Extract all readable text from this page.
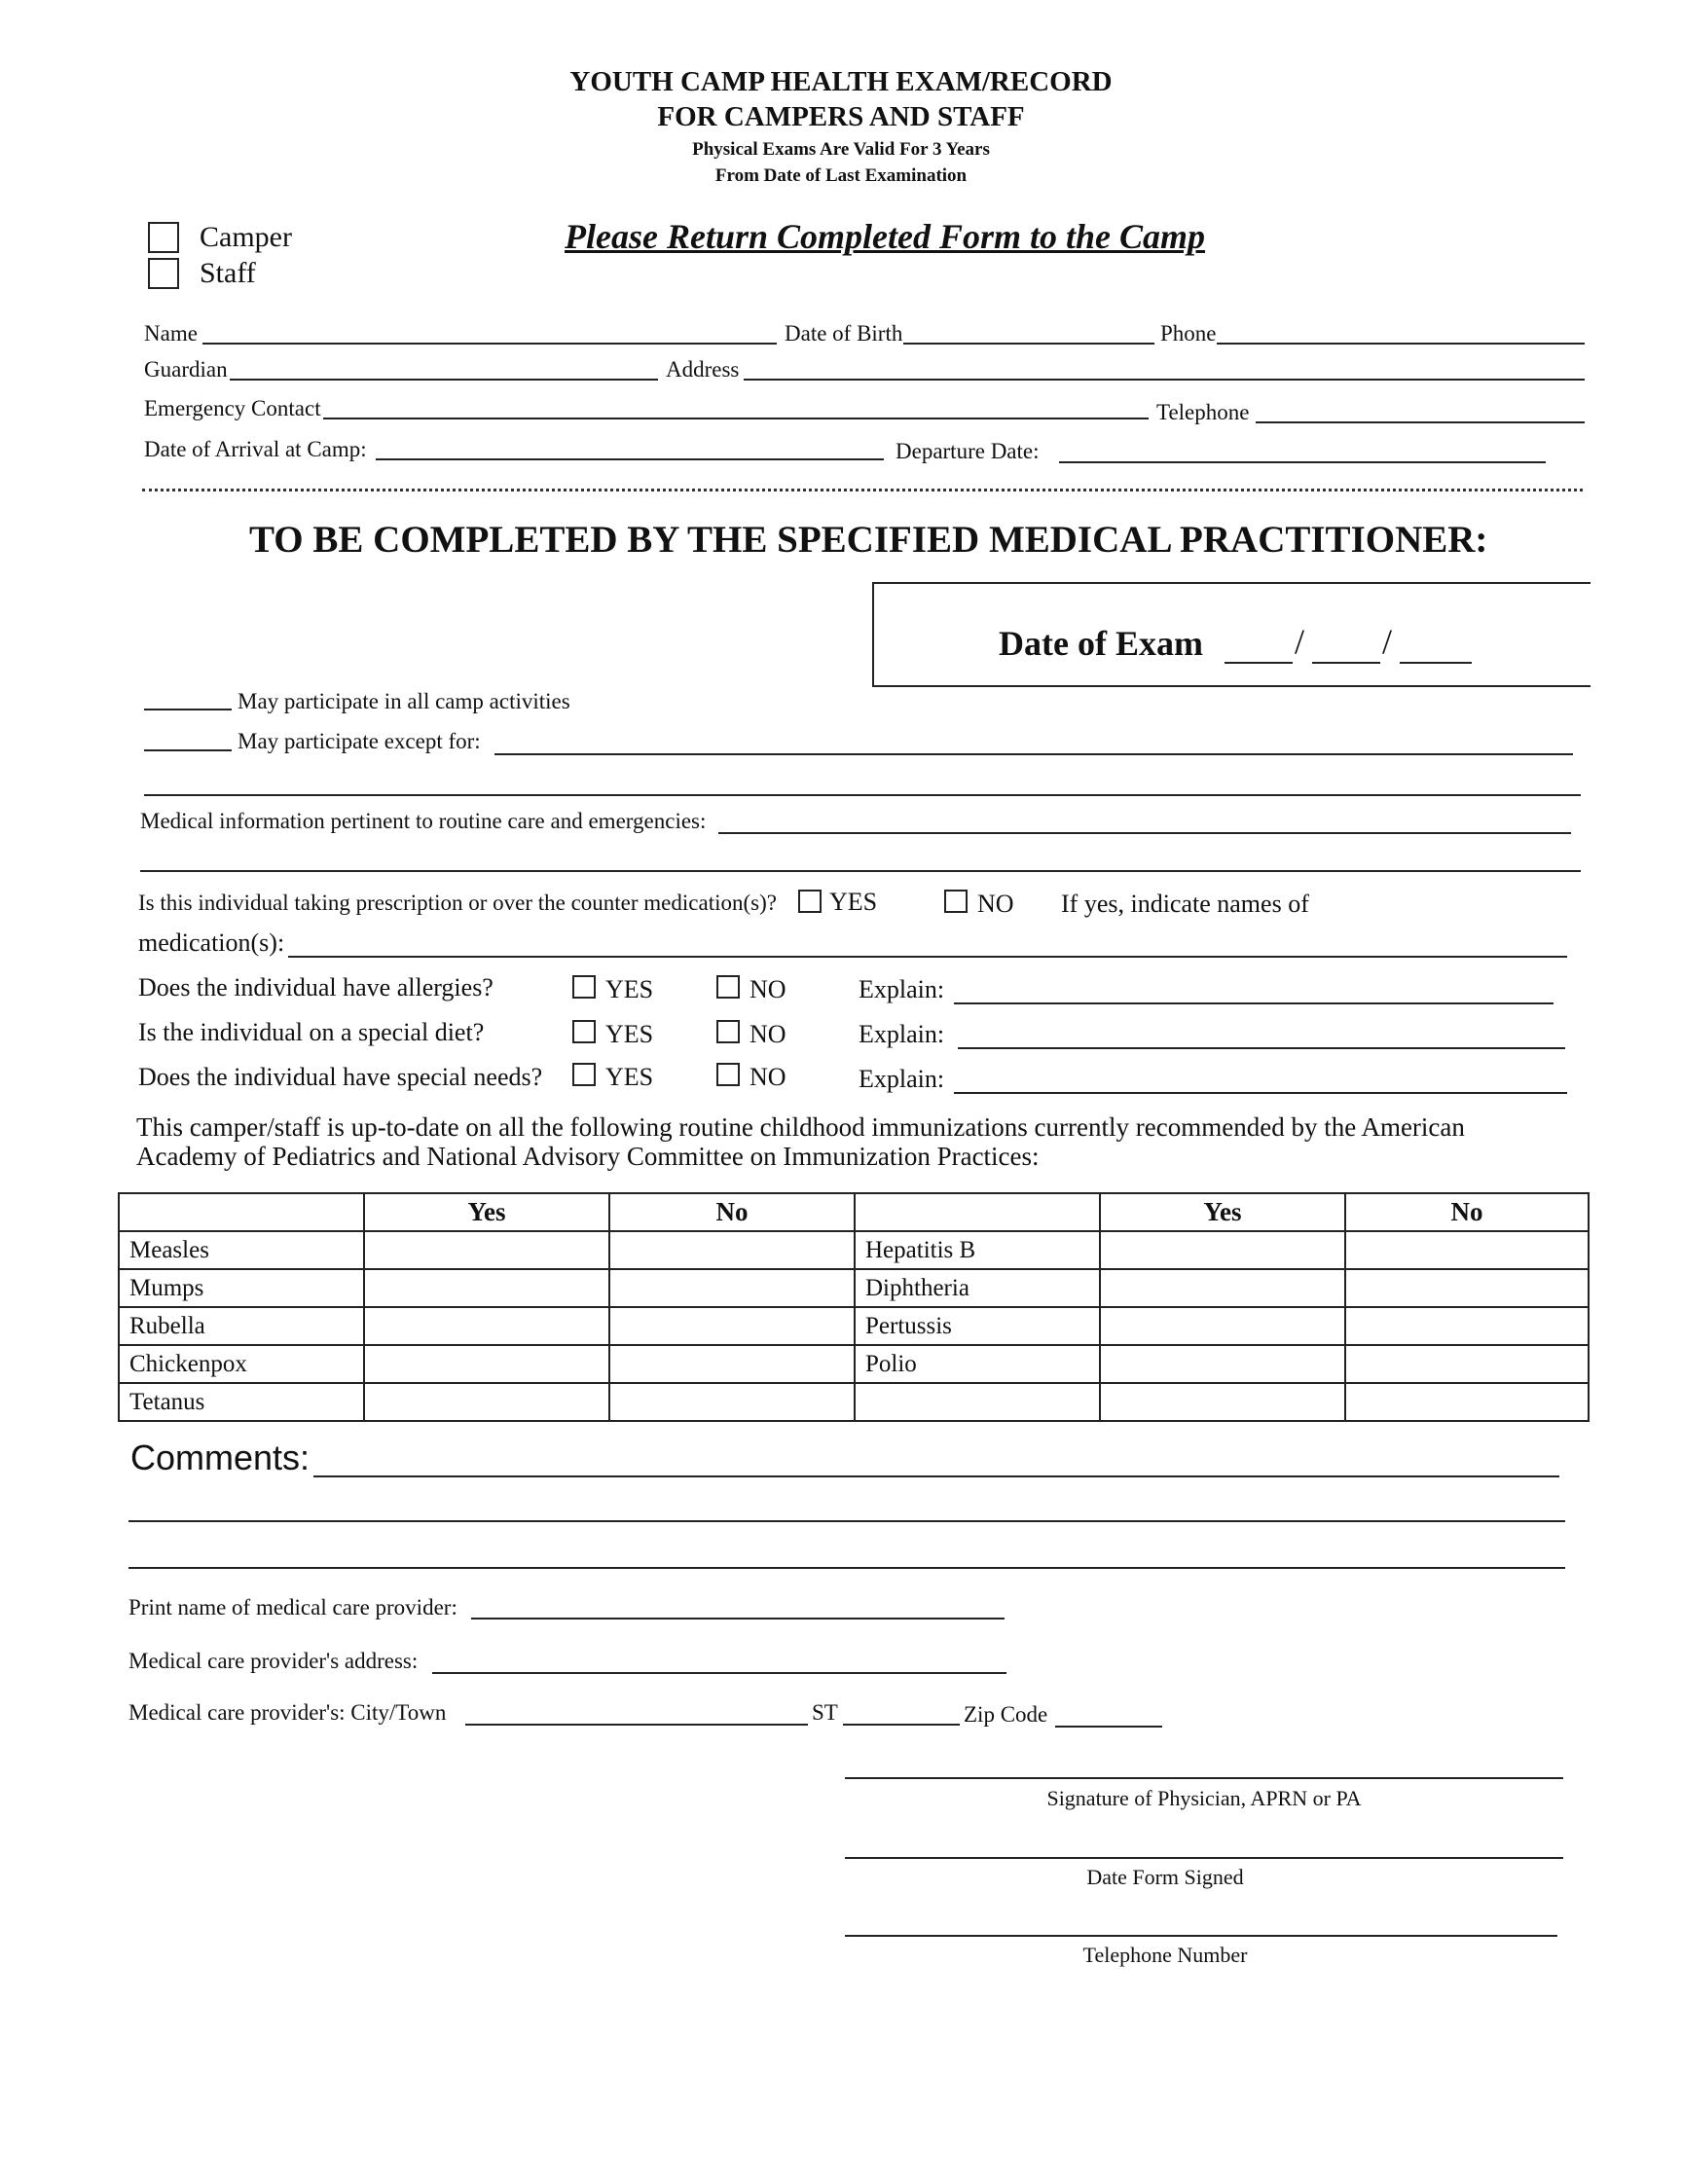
YOUTH CAMP HEALTH EXAM/RECORD
FOR CAMPERS AND STAFF
Physical Exams Are Valid For 3 Years
From Date of Last Examination
Camper
Staff
Please Return Completed Form to the Camp
Name	Date of Birth	Phone
Guardian	Address
Emergency Contact	Telephone
Date of Arrival at Camp:	Departure Date:
TO BE COMPLETED BY THE SPECIFIED MEDICAL PRACTITIONER:
Date of Exam	/ /
May participate in all camp activities
May participate except for:
Medical information pertinent to routine care and emergencies:
Is this individual taking prescription or over the counter medication(s)? YES	NO If yes, indicate names of
medication(s):
Does the individual have allergies?	YES	NO	Explain:
Is the individual on a special diet?	YES	NO	Explain:
Does the individual have special needs? YES	NO	Explain:
This camper/staff is up-to-date on all the following routine childhood immunizations currently recommended by the American
Academy of Pediatrics and National Advisory Committee on Immunization Practices:
	Yes	No		Yes	No
Measles			Hepatitis B		
Mumps			Diphtheria		
Rubella			Pertussis		
Chickenpox			Polio		
Tetanus					
Comments:
Print name of medical care provider:
Medical care provider's address:
Medical care provider's: City/Town	ST	Zip Code
Signature of Physician, APRN or PA
Date Form Signed
Telephone Number
